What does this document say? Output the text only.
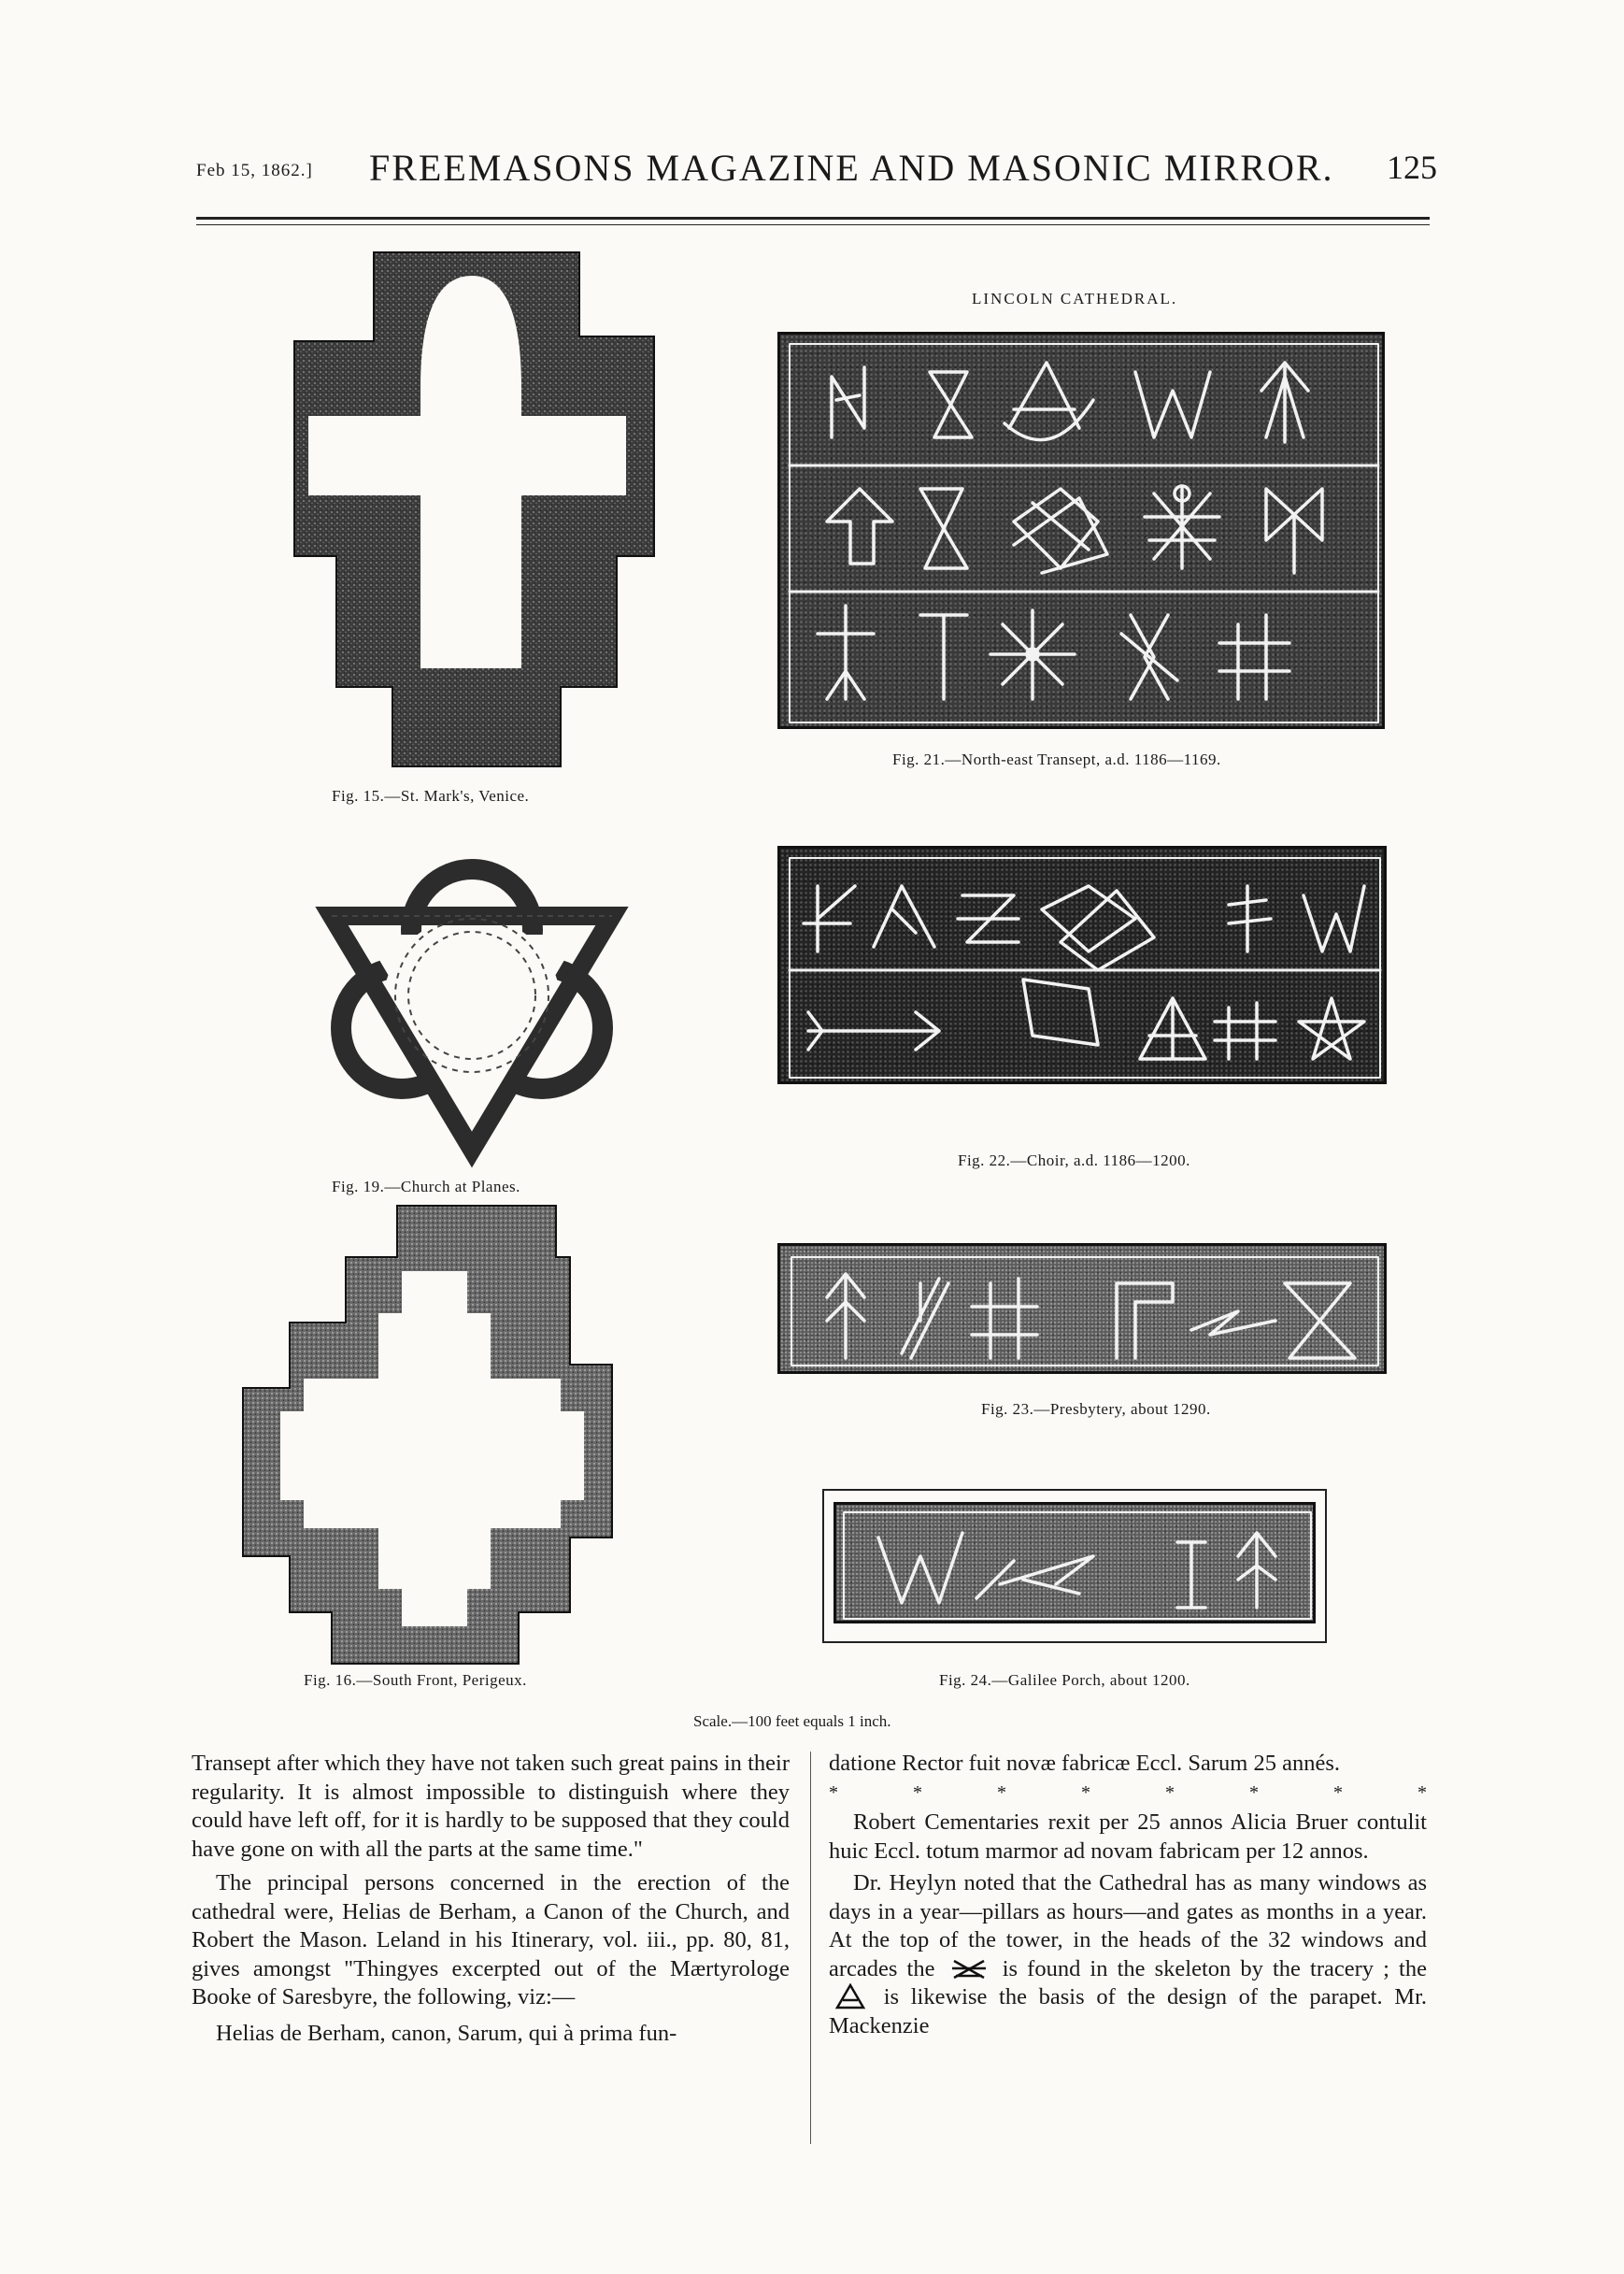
Feb 15, 1862.] FREEMASONS MAGAZINE AND MASONIC MIRROR. 125
Fig. 15.—St. Mark's, Venice.
LINCOLN CATHEDRAL.
Fig. 21.—North-east Transept, a.d. 1186—1169.
Fig. 19.—Church at Planes.
Fig. 22.—Choir, a.d. 1186—1200.
Fig. 16.—South Front, Perigeux.
Fig. 23.—Presbytery, about 1290.
Fig. 24.—Galilee Porch, about 1200.
Scale.—100 feet equals 1 inch.

Transept after which they have not taken such great pains in their regularity. It is almost impossible to distinguish where they could have left off, for it is hardly to be supposed that they could have gone on with all the parts at the same time."

The principal persons concerned in the erection of the cathedral were, Helias de Berham, a Canon of the Church, and Robert the Mason. Leland in his Itinerary, vol. iii., pp. 80, 81, gives amongst "Thingyes excerpted out of the Mærtyrologe Booke of Saresbyre, the following, viz:—

Helias de Berham, canon, Sarum, qui à prima fun-

datione Rector fuit novæ fabricæ Eccl. Sarum 25 annés.

*	*	*	*	*	*	*	*

Robert Cementaries rexit per 25 annos Alicia Bruer contulit huic Eccl. totum marmor ad novam fabricam per 12 annos.

Dr. Heylyn noted that the Cathedral has as many windows as days in a year—pillars as hours—and gates as months in a year. At the top of the tower, in the heads of the 32 windows and arcades the	is found in the skeleton by the tracery ; the  is likewise the basis of the design of the parapet. Mr. Mackenzie
